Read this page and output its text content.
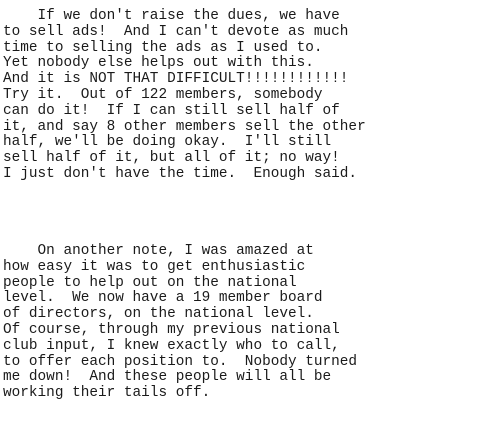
If we don't raise the dues, we have
to sell ads!  And I can't devote as much
time to selling the ads as I used to.
Yet nobody else helps out with this.
And it is NOT THAT DIFFICULT!!!!!!!!!!!!
Try it.  Out of 122 members, somebody
can do it!  If I can still sell half of
it, and say 8 other members sell the other
half, we'll be doing okay.  I'll still
sell half of it, but all of it; no way!
I just don't have the time.  Enough said.
On another note, I was amazed at
how easy it was to get enthusiastic
people to help out on the national
level.  We now have a 19 member board
of directors, on the national level.
Of course, through my previous national
club input, I knew exactly who to call,
to offer each position to.  Nobody turned
me down!  And these people will all be
working their tails off.
